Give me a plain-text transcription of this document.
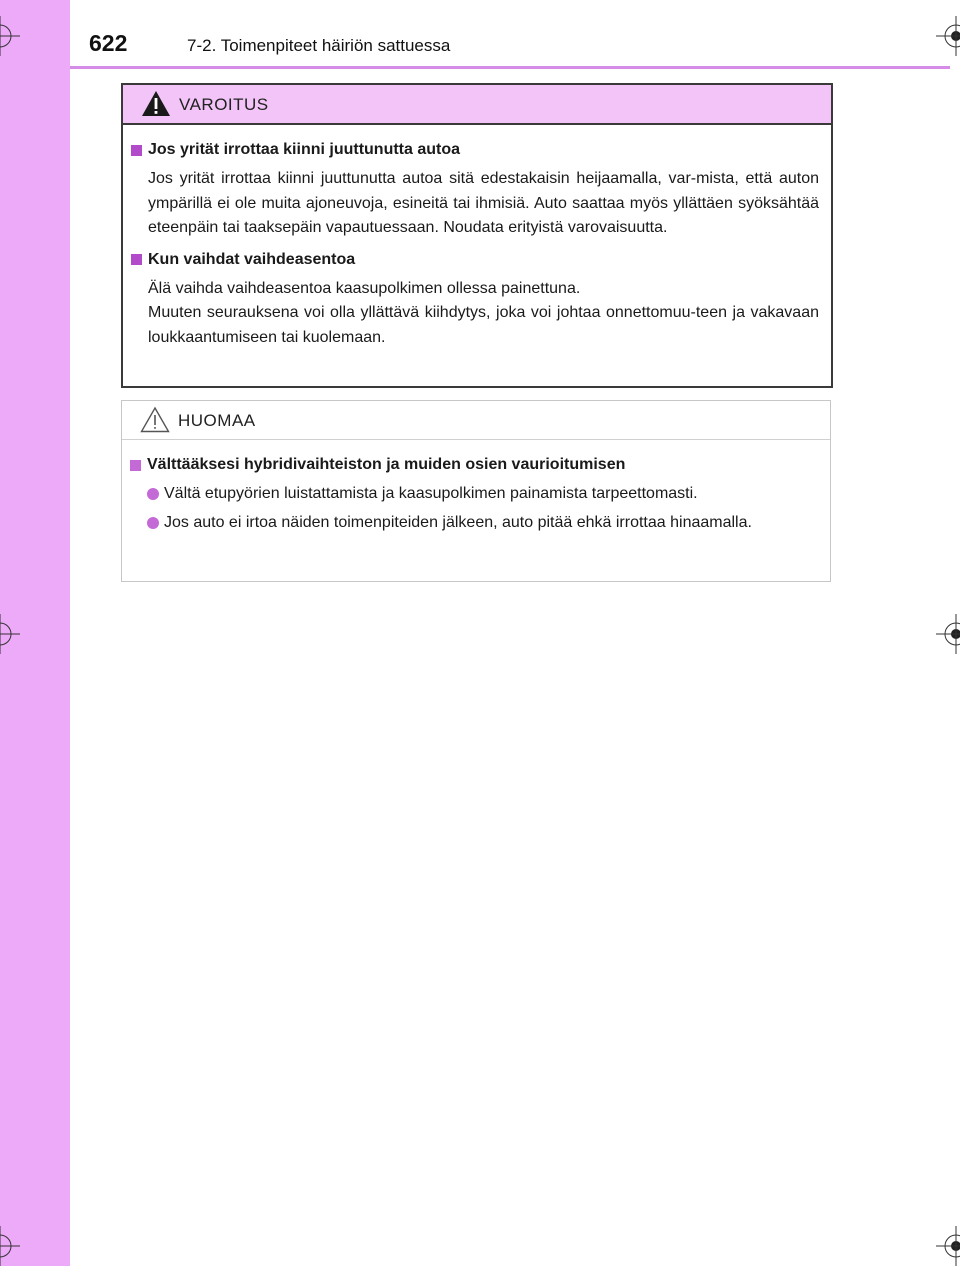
622	7-2. Toimenpiteet häiriön sattuessa
VAROITUS
Jos yrität irrottaa kiinni juuttunutta autoa

Jos yrität irrottaa kiinni juuttunutta autoa sitä edestakaisin heijaamalla, var-mista, että auton ympärillä ei ole muita ajoneuvoja, esineitä tai ihmisiä. Auto saattaa myös yllättäen syöksähtää eteenpäin tai taaksepäin vapautuessaan. Noudata erityistä varovaisuutta.

Kun vaihdat vaihdeasentoa

Älä vaihda vaihdeasentoa kaasupolkimen ollessa painettuna.

Muuten seurauksena voi olla yllättävä kiihdytys, joka voi johtaa onnettomuu-teen ja vakavaan loukkaantumiseen tai kuolemaan.

HUOMAA
Välttääksesi hybridivaihteiston ja muiden osien vaurioitumisen
Vältä etupyörien luistattamista ja kaasupolkimen painamista tarpeettomasti.
Jos auto ei irtoa näiden toimenpiteiden jälkeen, auto pitää ehkä irrottaa hinaamalla.
